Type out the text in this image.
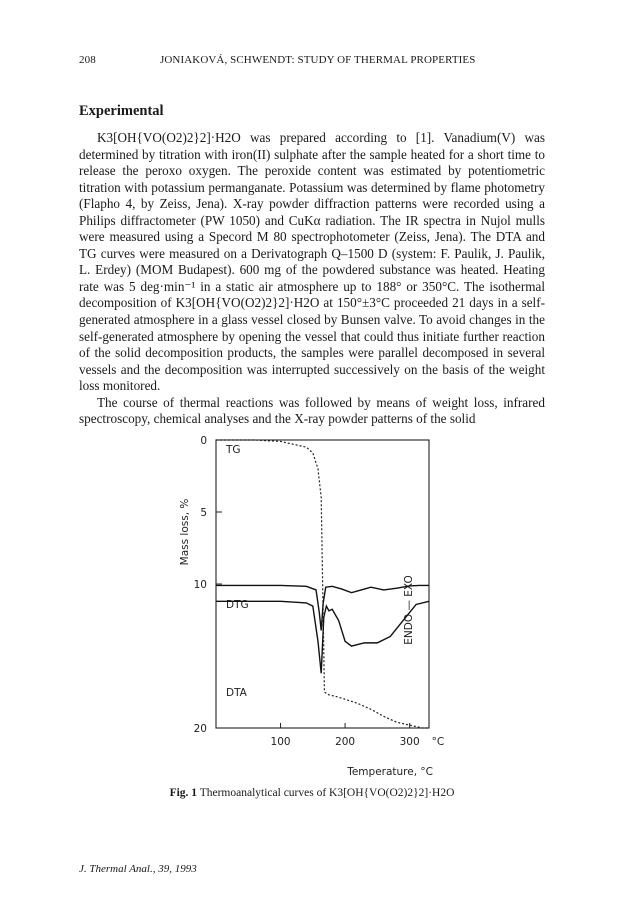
208	JONIAKOVÁ, SCHWENDT: STUDY OF THERMAL PROPERTIES
Experimental

K3[OH{VO(O2)2}2]·H2O was prepared according to [1]. Vanadium(V) was determined by titration with iron(II) sulphate after the sample heated for a short time to release the peroxo oxygen. The peroxide content was estimated by potentiometric titration with potassium permanganate. Potassium was determined by flame photometry (Flapho 4, by Zeiss, Jena). X-ray powder diffraction patterns were recorded using a Philips diffractometer (PW 1050) and CuKα radiation. The IR spectra in Nujol mulls were measured using a Specord M 80 spectrophotometer (Zeiss, Jena). The DTA and TG curves were measured on a Derivatograph Q–1500 D (system: F. Paulik, J. Paulik, L. Erdey) (MOM Budapest). 600 mg of the powdered substance was heated. Heating rate was 5 deg·min⁻¹ in a static air atmosphere up to 188° or 350°C. The isothermal decomposition of K3[OH{VO(O2)2}2]·H2O at 150°±3°C proceeded 21 days in a self-generated atmosphere in a glass vessel closed by Bunsen valve. To avoid changes in the self-generated atmosphere by opening the vessel that could thus initiate further reaction of the solid decomposition products, the samples were parallel decomposed in several vessels and the decomposition was interrupted successively on the basis of the weight loss monitored.

The course of thermal reactions was followed by means of weight loss, infrared spectroscopy, chemical analyses and the X-ray powder patterns of the solid

0
5
10
20
100	200	300 °C
Mass loss, %
Temperature, °C
ENDO — EXO
TG
DTG
DTA
Fig. 1 Thermoanalytical curves of K3[OH{VO(O2)2}2]·H2O
J. Thermal Anal., 39, 1993
